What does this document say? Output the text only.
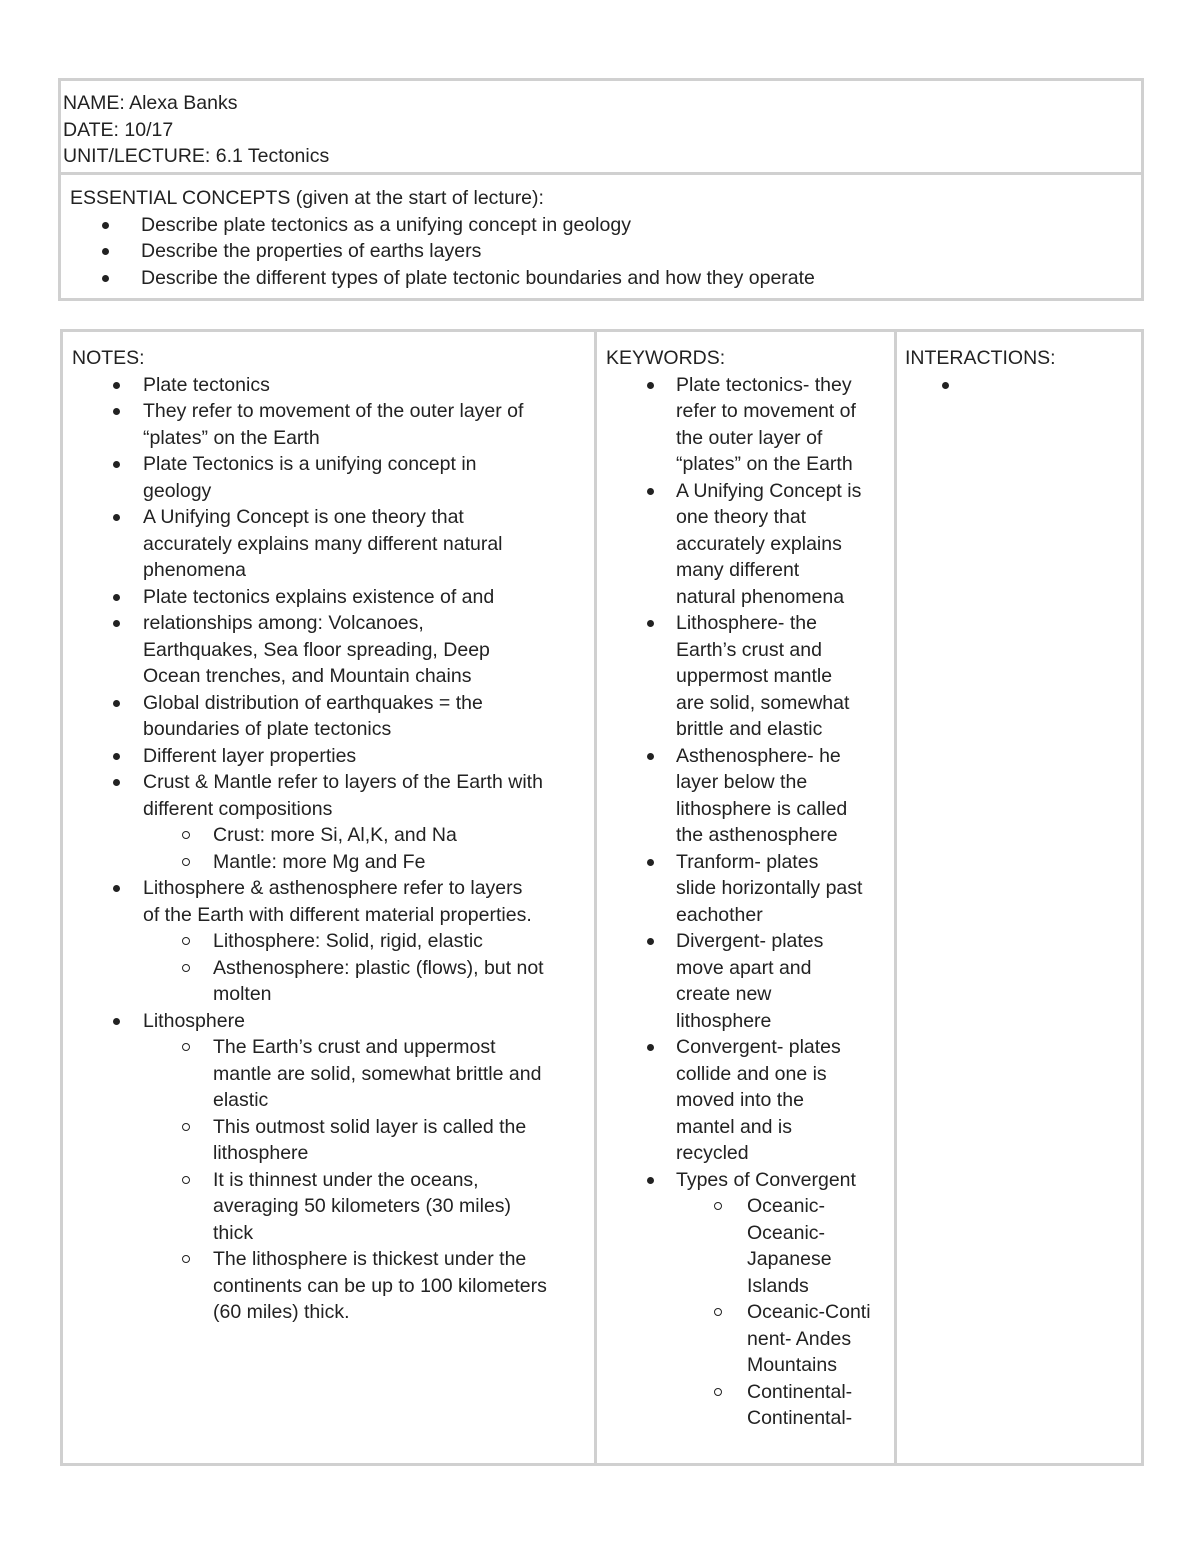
NAME: Alexa Banks
DATE: 10/17
UNIT/LECTURE: 6.1 Tectonics
ESSENTIAL CONCEPTS (given at the start of lecture):
Describe plate tectonics as a unifying concept in geology
Describe the properties of earths layers
Describe the different types of plate tectonic boundaries and how they operate
NOTES:
Plate tectonics
They refer to movement of the outer layer of
“plates” on the Earth
Plate Tectonics is a unifying concept in
geology
A Unifying Concept is one theory that
accurately explains many different natural
phenomena
Plate tectonics explains existence of and
relationships among: Volcanoes,
Earthquakes, Sea floor spreading, Deep
Ocean trenches, and Mountain chains
Global distribution of earthquakes = the
boundaries of plate tectonics
Different layer properties
Crust & Mantle refer to layers of the Earth with
different compositions
Crust: more Si, Al,K, and Na
Mantle: more Mg and Fe
Lithosphere & asthenosphere refer to layers
of the Earth with different material properties.
Lithosphere: Solid, rigid, elastic
Asthenosphere: plastic (flows), but not
molten
Lithosphere
The Earth’s crust and uppermost
mantle are solid, somewhat brittle and
elastic
This outmost solid layer is called the
lithosphere
It is thinnest under the oceans,
averaging 50 kilometers (30 miles)
thick
The lithosphere is thickest under the
continents can be up to 100 kilometers
(60 miles) thick.
KEYWORDS:
Plate tectonics- they
refer to movement of
the outer layer of
“plates” on the Earth
A Unifying Concept is
one theory that
accurately explains
many different
natural phenomena
Lithosphere- the
Earth’s crust and
uppermost mantle
are solid, somewhat
brittle and elastic
Asthenosphere- he
layer below the
lithosphere is called
the asthenosphere
Tranform- plates
slide horizontally past
eachother
Divergent- plates
move apart and
create new
lithosphere
Convergent- plates
collide and one is
moved into the
mantel and is
recycled
Types of Convergent
Oceanic-
Oceanic-
Japanese
Islands
Oceanic-Conti
nent- Andes
Mountains
Continental-
Continental-
INTERACTIONS:
